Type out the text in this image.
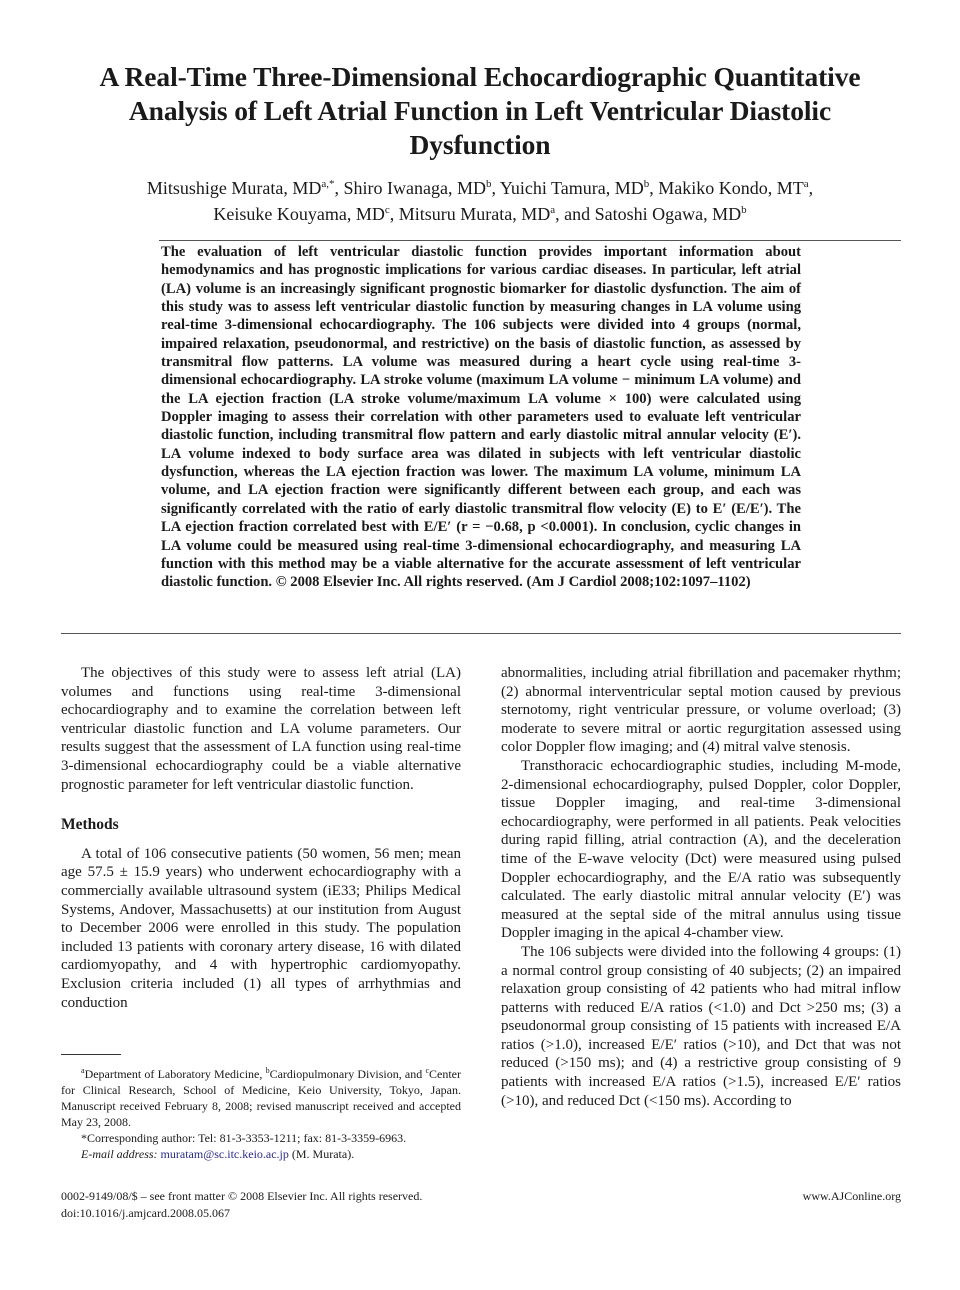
A Real-Time Three-Dimensional Echocardiographic Quantitative Analysis of Left Atrial Function in Left Ventricular Diastolic Dysfunction
Mitsushige Murata, $MD^{a,*}$, Shiro Iwanaga, $MD^b$, Yuichi Tamura, $MD^b$, Makiko Kondo, $MT^a$,
Keisuke Kouyama, $MD^c$, Mitsuru Murata, $MD^a$, and Satoshi Ogawa, $MD^b$

The evaluation of left ventricular diastolic function provides important information about hemodynamics and has prognostic implications for various cardiac diseases. In particular, left atrial (LA) volume is an increasingly significant prognostic biomarker for diastolic dysfunction. The aim of this study was to assess left ventricular diastolic function by measuring changes in LA volume using real-time 3-dimensional echocardiography. The 106 subjects were divided into 4 groups (normal, impaired relaxation, pseudonormal, and restrictive) on the basis of diastolic function, as assessed by transmitral flow patterns. LA volume was measured during a heart cycle using real-time 3-dimensional echocardiography. LA stroke volume (maximum LA volume − minimum LA volume) and the LA ejection fraction (LA stroke volume/maximum LA volume × 100) were calculated using Doppler imaging to assess their correlation with other parameters used to evaluate left ventricular diastolic function, including transmitral flow pattern and early diastolic mitral annular velocity (E′). LA volume indexed to body surface area was dilated in subjects with left ventricular diastolic dysfunction, whereas the LA ejection fraction was lower. The maximum LA volume, minimum LA volume, and LA ejection fraction were significantly different between each group, and each was significantly correlated with the ratio of early diastolic transmitral flow velocity (E) to E′ (E/E′). The LA ejection fraction correlated best with E/E′ (r = −0.68, p <0.0001). In conclusion, cyclic changes in LA volume could be measured using real-time 3-dimensional echocardiography, and measuring LA function with this method may be a viable alternative for the accurate assessment of left ventricular diastolic function. © 2008 Elsevier Inc. All rights reserved. (Am J Cardiol 2008;102:1097–1102)

The objectives of this study were to assess left atrial (LA) volumes and functions using real-time 3-dimensional echocardiography and to examine the correlation between left ventricular diastolic function and LA volume parameters. Our results suggest that the assessment of LA function using real-time 3-dimensional echocardiography could be a viable alternative prognostic parameter for left ventricular diastolic function.

Methods

A total of 106 consecutive patients (50 women, 56 men; mean age 57.5 ± 15.9 years) who underwent echocardiography with a commercially available ultrasound system (iE33; Philips Medical Systems, Andover, Massachusetts) at our institution from August to December 2006 were enrolled in this study. The population included 13 patients with coronary artery disease, 16 with dilated cardiomyopathy, and 4 with hypertrophic cardiomyopathy. Exclusion criteria included (1) all types of arrhythmias and conduction

abnormalities, including atrial fibrillation and pacemaker rhythm; (2) abnormal interventricular septal motion caused by previous sternotomy, right ventricular pressure, or volume overload; (3) moderate to severe mitral or aortic regurgitation assessed using color Doppler flow imaging; and (4) mitral valve stenosis.

Transthoracic echocardiographic studies, including M-mode, 2-dimensional echocardiography, pulsed Doppler, color Doppler, tissue Doppler imaging, and real-time 3-dimensional echocardiography, were performed in all patients. Peak velocities during rapid filling, atrial contraction (A), and the deceleration time of the E-wave velocity (Dct) were measured using pulsed Doppler echocardiography, and the E/A ratio was subsequently calculated. The early diastolic mitral annular velocity (E′) was measured at the septal side of the mitral annulus using tissue Doppler imaging in the apical 4-chamber view.

The 106 subjects were divided into the following 4 groups: (1) a normal control group consisting of 40 subjects; (2) an impaired relaxation group consisting of 42 patients who had mitral inflow patterns with reduced E/A ratios (<1.0) and Dct >250 ms; (3) a pseudonormal group consisting of 15 patients with increased E/A ratios (>1.0), increased E/E′ ratios (>10), and Dct that was not reduced (>150 ms); and (4) a restrictive group consisting of 9 patients with increased E/A ratios (>1.5), increased E/E′ ratios (>10), and reduced Dct (<150 ms). According to

$^a$Department of Laboratory Medicine, $^b$Cardiopulmonary Division, and $^c$Center for Clinical Research, School of Medicine, Keio University, Tokyo, Japan. Manuscript received February 8, 2008; revised manuscript received and accepted May 23, 2008.

*Corresponding author: Tel: 81-3-3353-1211; fax: 81-3-3359-6963.

E-mail address: muratam@sc.itc.keio.ac.jp (M. Murata).

0002-9149/08/$ – see front matter © 2008 Elsevier Inc. All rights reserved.
doi:10.1016/j.amjcard.2008.05.067
www.AJConline.org
